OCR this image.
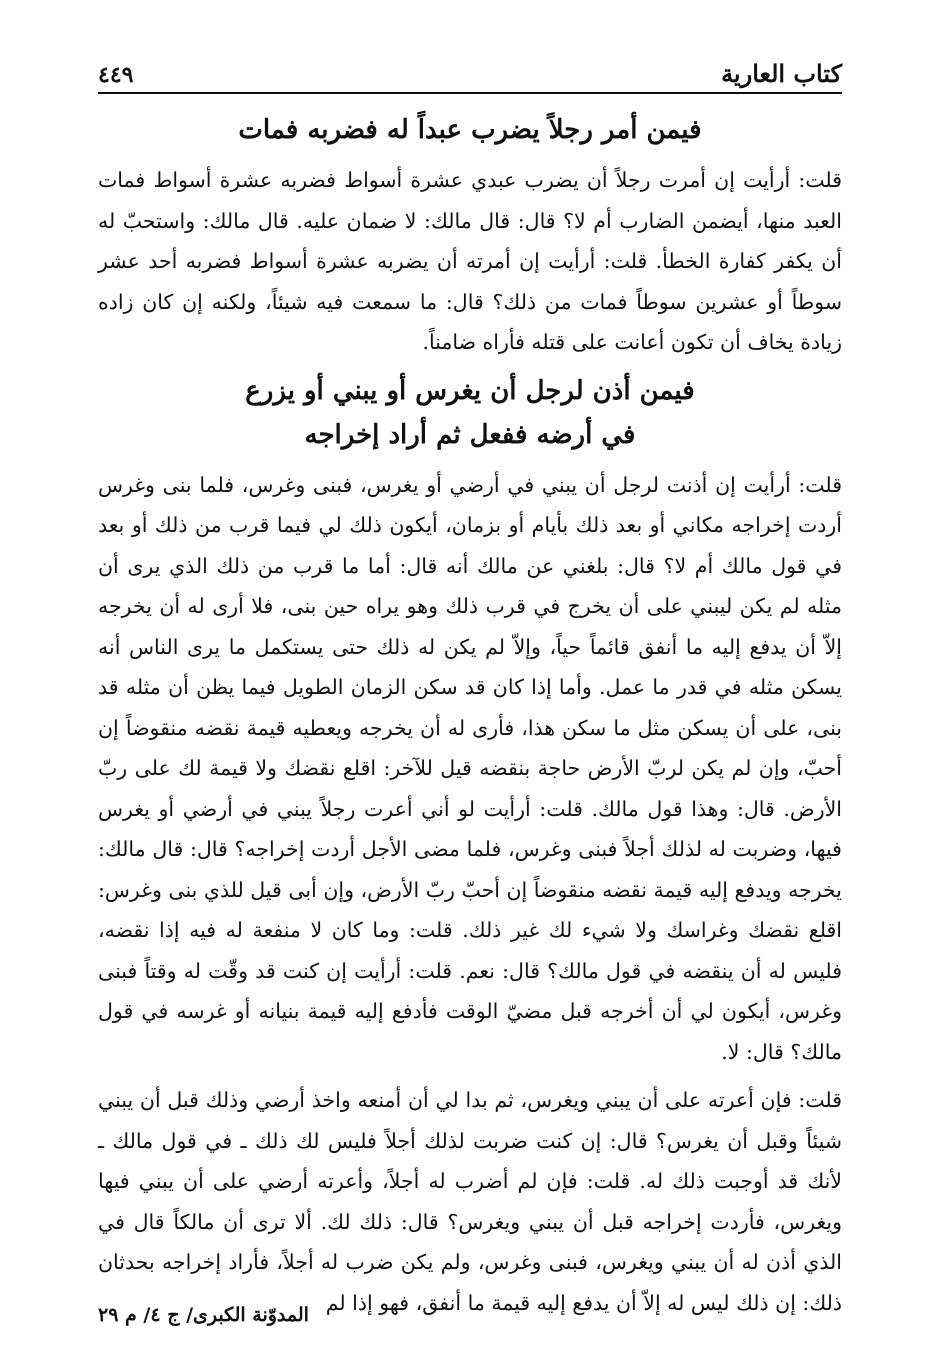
كتاب العارية
٤٤٩
فيمن أمر رجلاً يضرب عبداً له فضربه فمات

قلت: أرأيت إن أمرت رجلاً أن يضرب عبدي عشرة أسواط فضربه عشرة أسواط فمات العبد منها، أيضمن الضارب أم لا؟ قال: قال مالك: لا ضمان عليه. قال مالك: واستحبّ له أن يكفر كفارة الخطأ. قلت: أرأيت إن أمرته أن يضربه عشرة أسواط فضربه أحد عشر سوطاً أو عشرين سوطاً فمات من ذلك؟ قال: ما سمعت فيه شيئاً، ولكنه إن كان زاده زيادة يخاف أن تكون أعانت على قتله فأراه ضامناً.

فيمن أذن لرجل أن يغرس أو يبني أو يزرع
في أرضه ففعل ثم أراد إخراجه

قلت: أرأيت إن أذنت لرجل أن يبني في أرضي أو يغرس، فبنى وغرس، فلما بنى وغرس أردت إخراجه مكاني أو بعد ذلك بأيام أو بزمان، أيكون ذلك لي فيما قرب من ذلك أو بعد في قول مالك أم لا؟ قال: بلغني عن مالك أنه قال: أما ما قرب من ذلك الذي يرى أن مثله لم يكن ليبني على أن يخرج في قرب ذلك وهو يراه حين بنى، فلا أرى له أن يخرجه إلاّ أن يدفع إليه ما أنفق قائماً حياً، وإلاّ لم يكن له ذلك حتى يستكمل ما يرى الناس أنه يسكن مثله في قدر ما عمل. وأما إذا كان قد سكن الزمان الطويل فيما يظن أن مثله قد بنى، على أن يسكن مثل ما سكن هذا، فأرى له أن يخرجه ويعطيه قيمة نقضه منقوضاً إن أحبّ، وإن لم يكن لربّ الأرض حاجة بنقضه قيل للآخر: اقلع نقضك ولا قيمة لك على ربّ الأرض. قال: وهذا قول مالك. قلت: أرأيت لو أني أعرت رجلاً يبني في أرضي أو يغرس فيها، وضربت له لذلك أجلاً فبنى وغرس، فلما مضى الأجل أردت إخراجه؟ قال: قال مالك: يخرجه ويدفع إليه قيمة نقضه منقوضاً إن أحبّ ربّ الأرض، وإن أبى قيل للذي بنى وغرس: اقلع نقضك وغراسك ولا شيء لك غير ذلك. قلت: وما كان لا منفعة له فيه إذا نقضه، فليس له أن ينقضه في قول مالك؟ قال: نعم. قلت: أرأيت إن كنت قد وقّت له وقتاً فبنى وغرس، أيكون لي أن أخرجه قبل مضيّ الوقت فأدفع إليه قيمة بنيانه أو غرسه في قول مالك؟ قال: لا.

قلت: فإن أعرته على أن يبني ويغرس، ثم بدا لي أن أمنعه واخذ أرضي وذلك قبل أن يبني شيئاً وقبل أن يغرس؟ قال: إن كنت ضربت لذلك أجلاً فليس لك ذلك ـ في قول مالك ـ لأنك قد أوجبت ذلك له. قلت: فإن لم أضرب له أجلاً، وأعرته أرضي على أن يبني فيها ويغرس، فأردت إخراجه قبل أن يبني ويغرس؟ قال: ذلك لك. ألا ترى أن مالكاً قال في الذي أذن له أن يبني ويغرس، فبنى وغرس، ولم يكن ضرب له أجلاً، فأراد إخراجه بحدثان ذلك: إن ذلك ليس له إلاّ أن يدفع إليه قيمة ما أنفق، فهو إذا لم

المدوّنة الكبرى/ ج ٤/ م ٢٩
